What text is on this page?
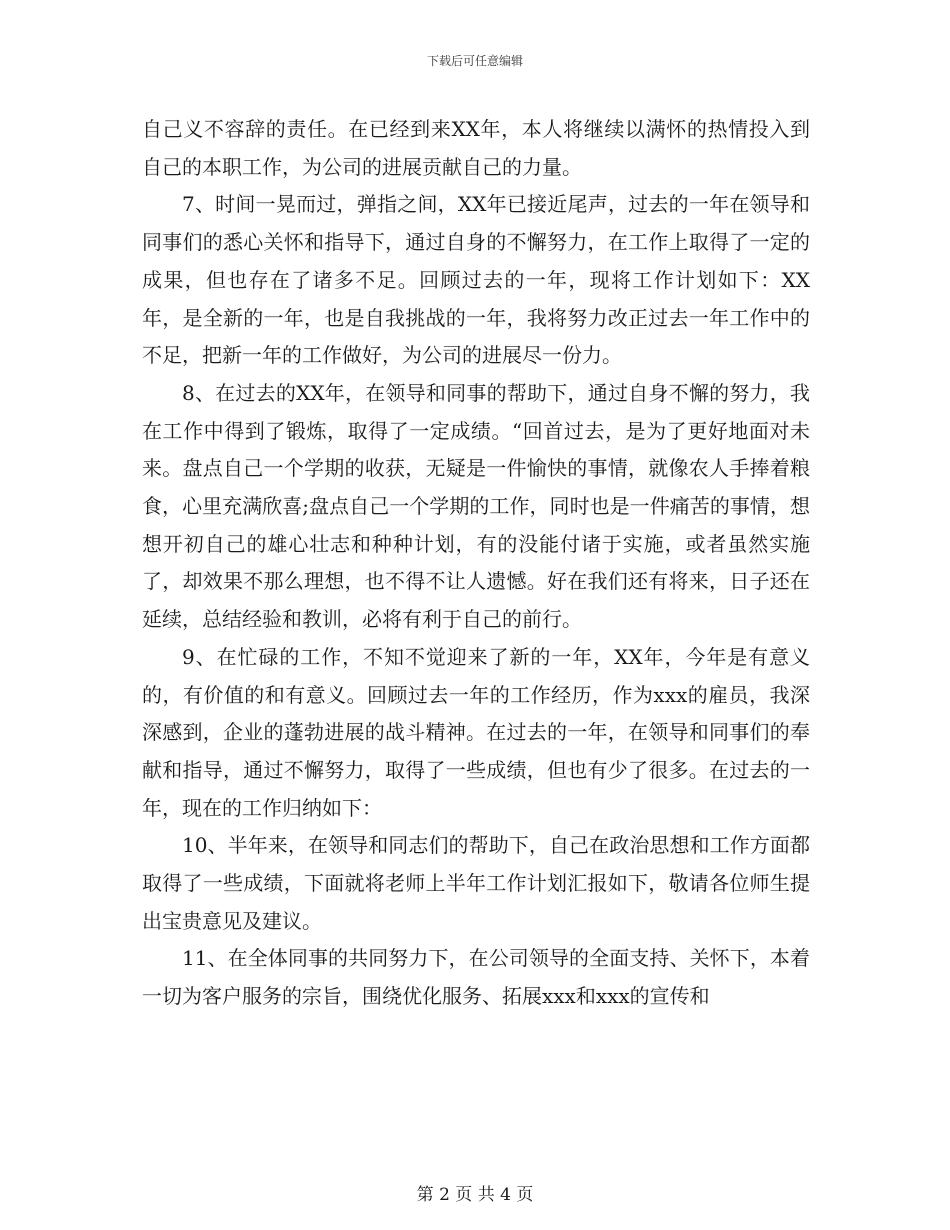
下载后可任意编辑

自己义不容辞的责任。在已经到来XX年，本人将继续以满怀的热情投入到自己的本职工作，为公司的进展贡献自己的力量。

7、时间一晃而过，弹指之间，XX年已接近尾声，过去的一年在领导和同事们的悉心关怀和指导下，通过自身的不懈努力，在工作上取得了一定的成果，但也存在了诸多不足。回顾过去的一年，现将工作计划如下：XX年，是全新的一年，也是自我挑战的一年，我将努力改正过去一年工作中的不足，把新一年的工作做好，为公司的进展尽一份力。

8、在过去的XX年，在领导和同事的帮助下，通过自身不懈的努力，我在工作中得到了锻炼，取得了一定成绩。“回首过去，是为了更好地面对未来。盘点自己一个学期的收获，无疑是一件愉快的事情，就像农人手捧着粮食，心里充满欣喜;盘点自己一个学期的工作，同时也是一件痛苦的事情，想想开初自己的雄心壮志和种种计划，有的没能付诸于实施，或者虽然实施了，却效果不那么理想，也不得不让人遗憾。好在我们还有将来，日子还在延续，总结经验和教训，必将有利于自己的前行。

9、在忙碌的工作，不知不觉迎来了新的一年，XX年，今年是有意义的，有价值的和有意义。回顾过去一年的工作经历，作为xxx的雇员，我深深感到，企业的蓬勃进展的战斗精神。在过去的一年，在领导和同事们的奉献和指导，通过不懈努力，取得了一些成绩，但也有少了很多。在过去的一年，现在的工作归纳如下：

10、半年来，在领导和同志们的帮助下，自己在政治思想和工作方面都取得了一些成绩，下面就将老师上半年工作计划汇报如下，敬请各位师生提出宝贵意见及建议。

11、在全体同事的共同努力下，在公司领导的全面支持、关怀下，本着一切为客户服务的宗旨，围绕优化服务、拓展xxx和xxx的宣传和

第 2 页 共 4 页
